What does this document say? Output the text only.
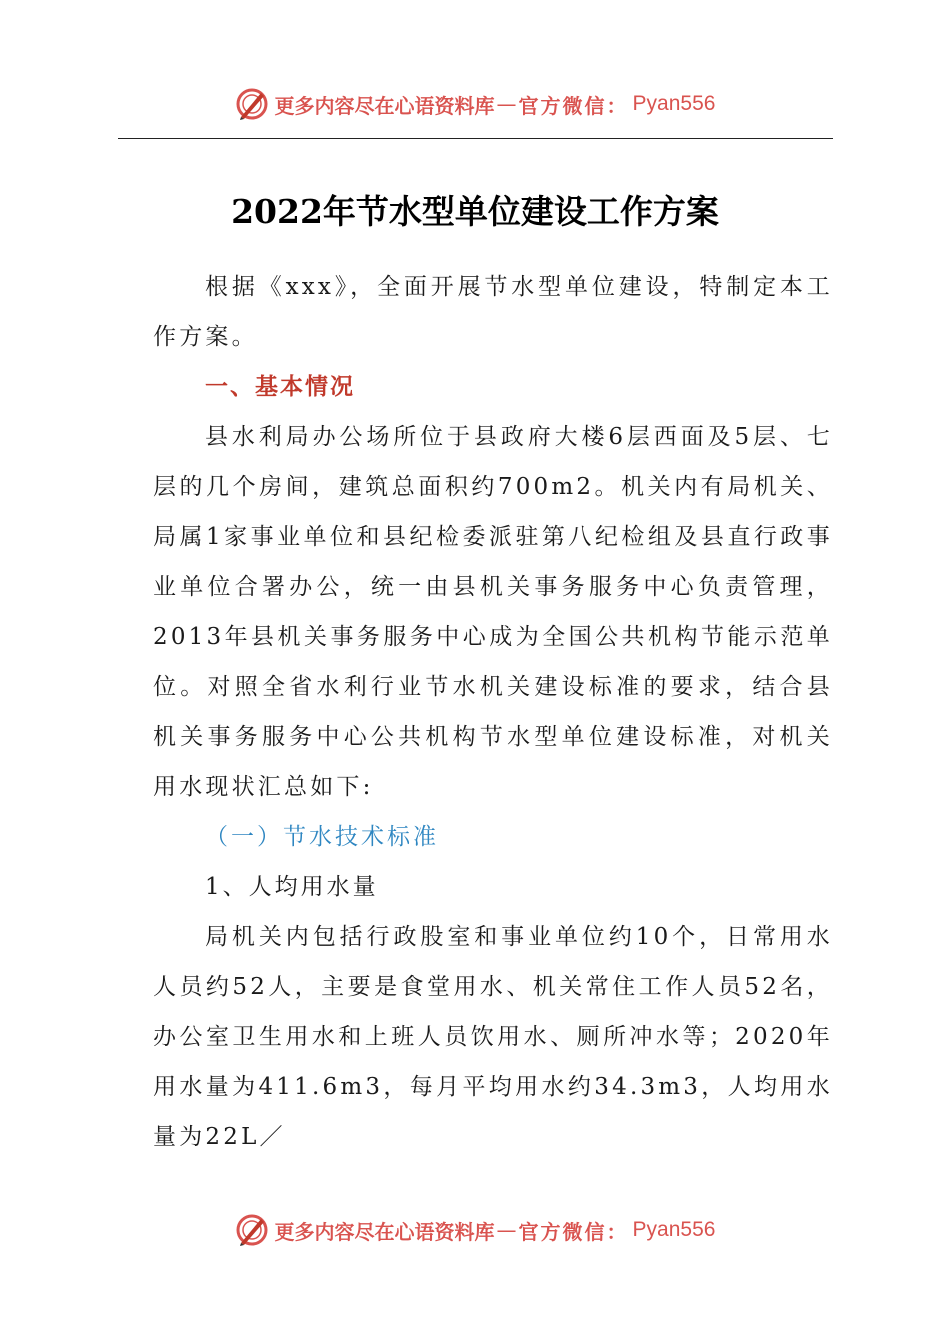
更多内容尽在心语资料库 — 官方微信： Pyan556
2022年节水型单位建设工作方案

根据《xxx》，全面开展节水型单位建设，特制定本工作方案。

一、基本情况

县水利局办公场所位于县政府大楼6层西面及5层、七层的几个房间，建筑总面积约700m2。机关内有局机关、局属1家事业单位和县纪检委派驻第八纪检组及县直行政事业单位合署办公，统一由县机关事务服务中心负责管理，2013年县机关事务服务中心成为全国公共机构节能示范单位。对照全省水利行业节水机关建设标准的要求，结合县机关事务服务中心公共机构节水型单位建设标准，对机关用水现状汇总如下:

（一）节水技术标准

1、人均用水量

局机关内包括行政股室和事业单位约10个，日常用水人员约52人，主要是食堂用水、机关常住工作人员52名，办公室卫生用水和上班人员饮用水、厕所冲水等；2020年用水量为411.6m3，每月平均用水约34.3m3，人均用水量为22L／

更多内容尽在心语资料库 — 官方微信： Pyan556
